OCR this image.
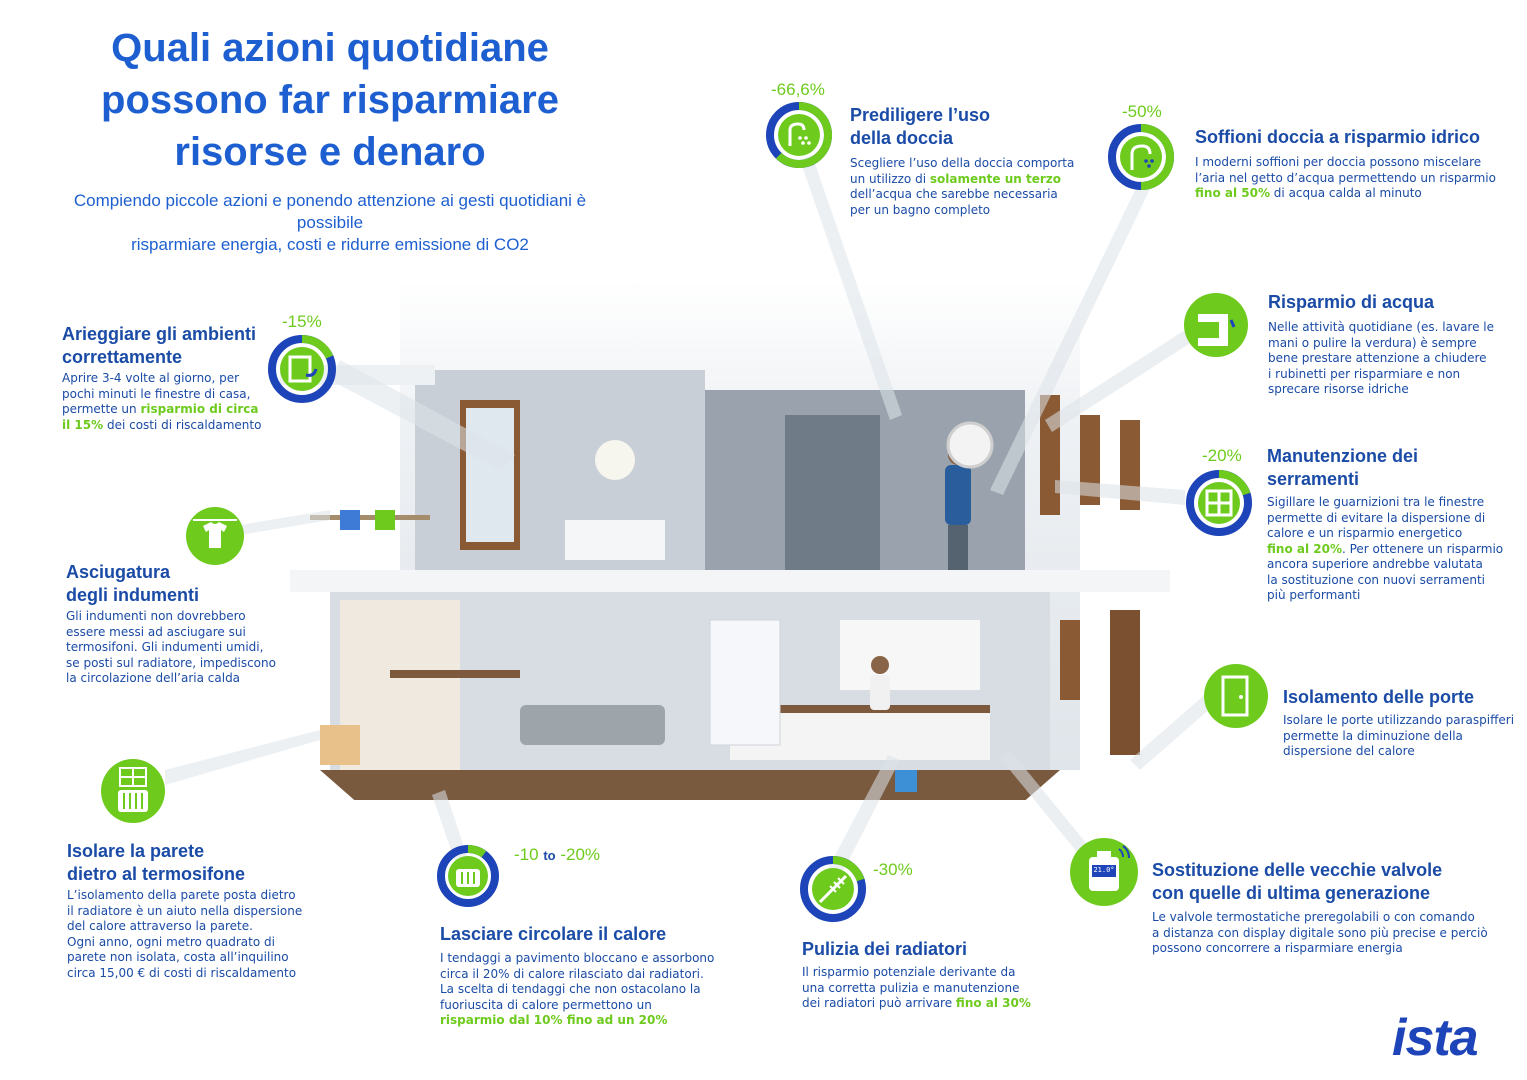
Quali azioni quotidiane
possono far risparmiare
risorse e denaro
Compiendo piccole azioni e ponendo attenzione ai gesti quotidiani è possibile
risparmiare energia, costi e ridurre emissione di CO2
21.0°
-15%
Arieggiare gli ambienti
correttamente
Aprire 3-4 volte al giorno, per
pochi minuti le finestre di casa,
permette un risparmio di circa
il 15% dei costi di riscaldamento
Asciugatura
degli indumenti
Gli indumenti non dovrebbero
essere messi ad asciugare sui
termosifoni. Gli indumenti umidi,
se posti sul radiatore, impediscono
la circolazione dell’aria calda
Isolare la parete
dietro al termosifone
L’isolamento della parete posta dietro
il radiatore è un aiuto nella dispersione
del calore attraverso la parete.
Ogni anno, ogni metro quadrato di
parete non isolata, costa all’inquilino
circa 15,00 € di costi di riscaldamento
-10 to -20%
Lasciare circolare il calore
I tendaggi a pavimento bloccano e assorbono
circa il 20% di calore rilasciato dai radiatori.
La scelta di tendaggi che non ostacolano la
fuoriuscita di calore permettono un
risparmio dal 10% fino ad un 20%
-30%
Pulizia dei radiatori
Il risparmio potenziale derivante da
una corretta pulizia e manutenzione
dei radiatori può arrivare fino al 30%
-66,6%
Prediligere l’uso
della doccia
Scegliere l’uso della doccia comporta
un utilizzo di solamente un terzo
dell’acqua che sarebbe necessaria
per un bagno completo
-50%
Soffioni doccia a risparmio idrico
I moderni soffioni per doccia possono miscelare
l’aria nel getto d’acqua permettendo un risparmio
fino al 50% di acqua calda al minuto
Risparmio di acqua
Nelle attività quotidiane (es. lavare le
mani o pulire la verdura) è sempre
bene prestare attenzione a chiudere
i rubinetti per risparmiare e non
sprecare risorse idriche
-20% Manutenzione dei
serramenti
Sigillare le guarnizioni tra le finestre
permette di evitare la dispersione di
calore e un risparmio energetico
fino al 20%. Per ottenere un risparmio
ancora superiore andrebbe valutata
la sostituzione con nuovi serramenti
più performanti
Isolamento delle porte
Isolare le porte utilizzando paraspifferi
permette la diminuzione della
dispersione del calore
Sostituzione delle vecchie valvole
con quelle di ultima generazione
Le valvole termostatiche preregolabili o con comando
a distanza con display digitale sono più precise e perciò
possono concorrere a risparmiare energia
ista
